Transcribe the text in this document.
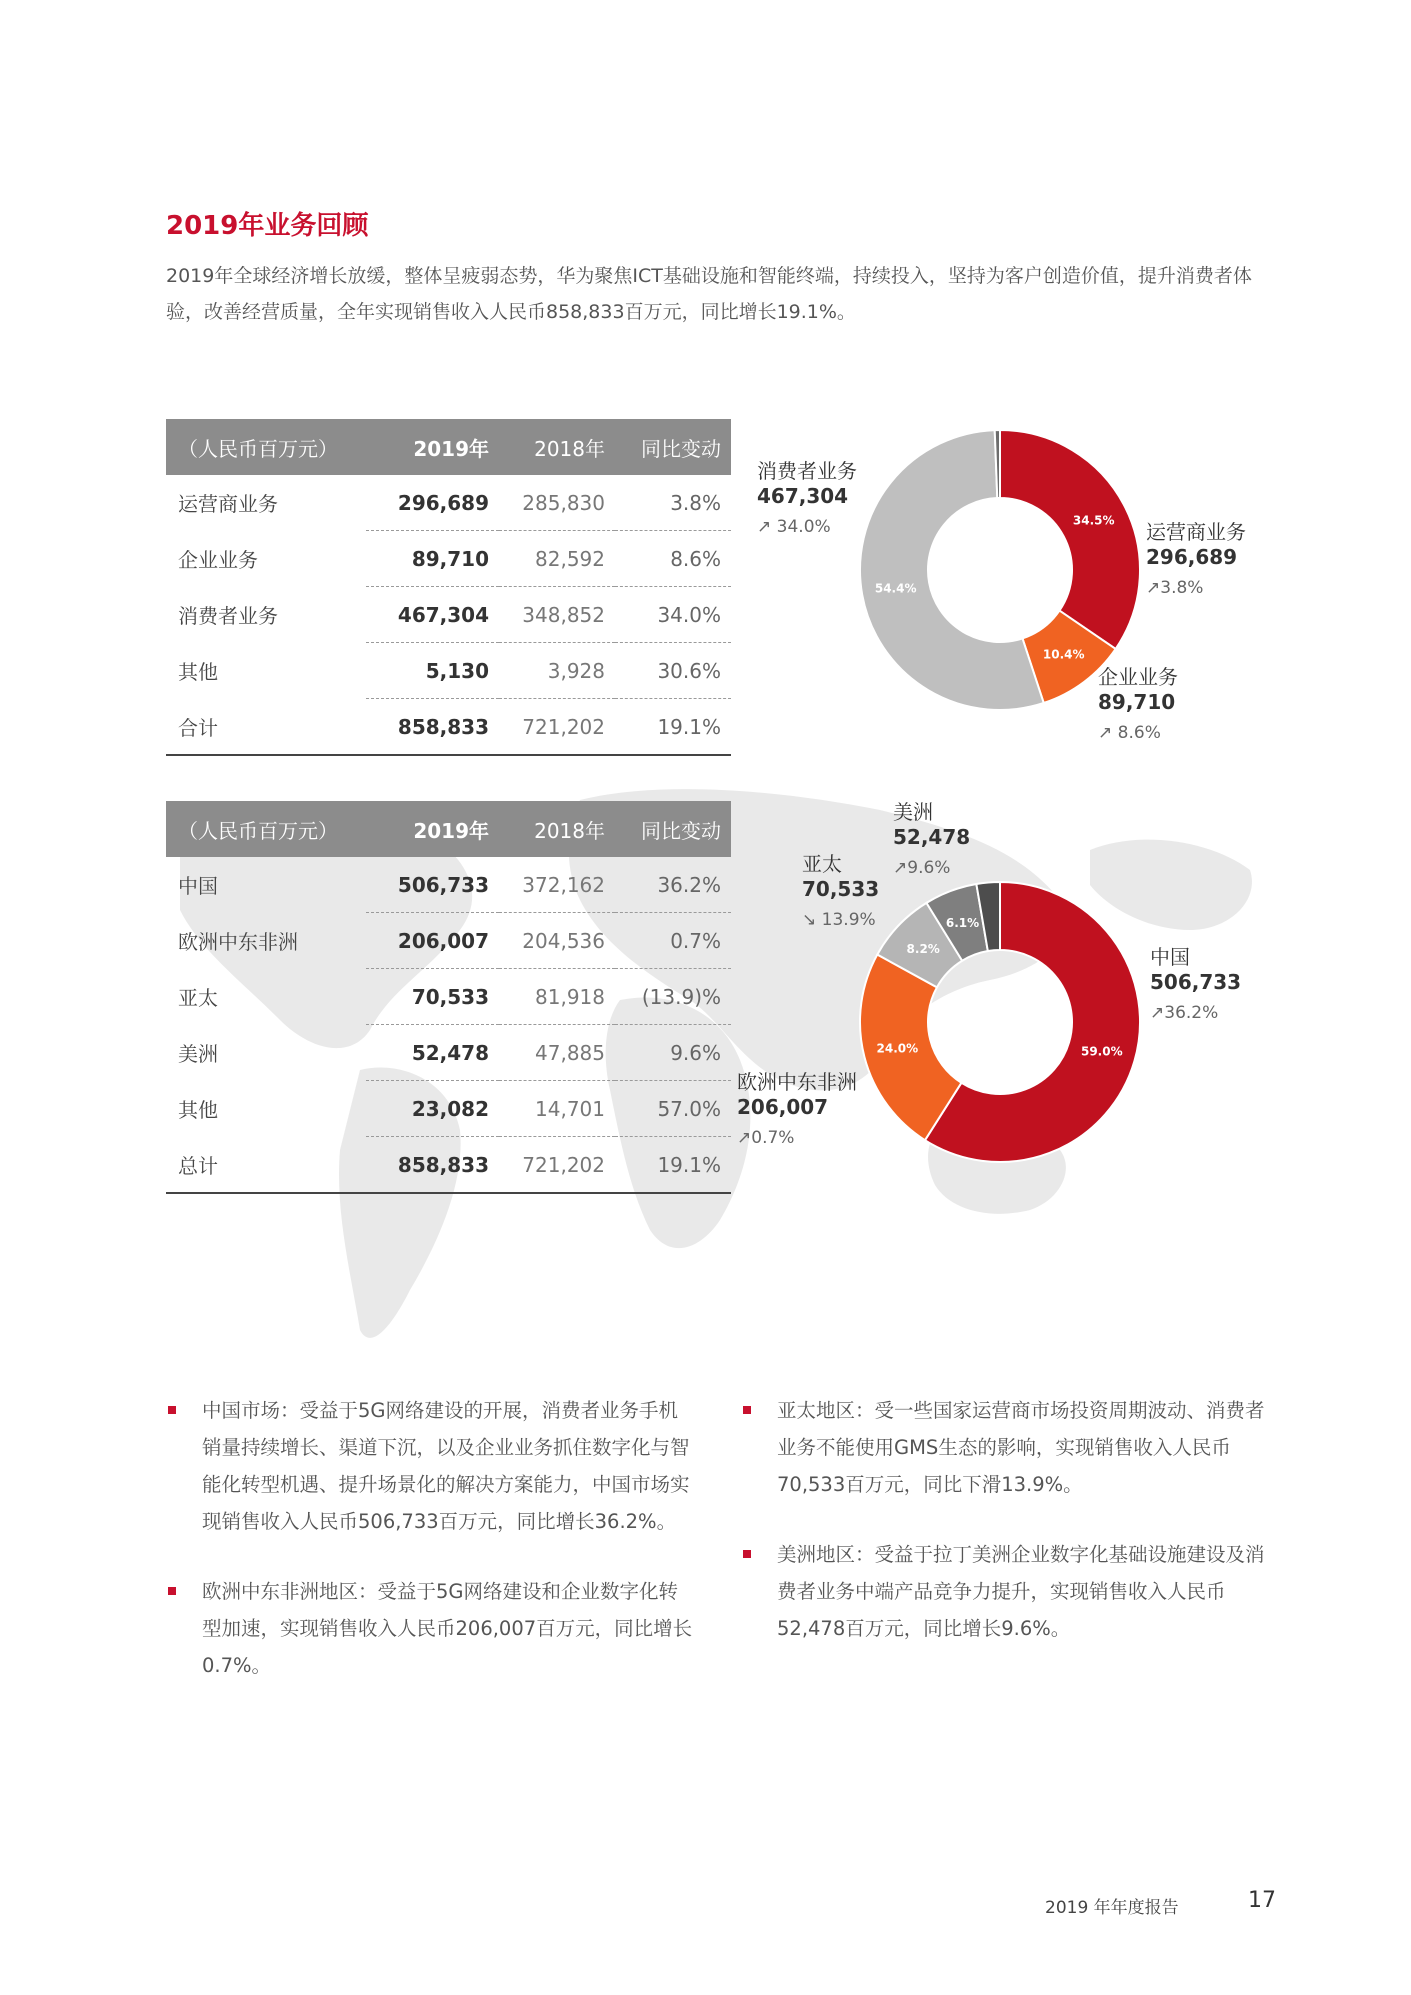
2019年业务回顾
2019年全球经济增长放缓，整体呈疲弱态势，华为聚焦ICT基础设施和智能终端，持续投入，坚持为客户创造价值，提升消费者体验，改善经营质量，全年实现销售收入人民币858,833百万元，同比增长19.1%。
（人民币百万元）	2019年	2018年	同比变动
运营商业务	296,689	285,830	3.8%
企业业务	89,710	82,592	8.6%
消费者业务	467,304	348,852	34.0%
其他	5,130	3,928	30.6%
合计	858,833	721,202	19.1%
（人民币百万元）	2019年	2018年	同比变动
中国	506,733	372,162	36.2%
欧洲中东非洲	206,007	204,536	0.7%
亚太	70,533	81,918	(13.9)%
美洲	52,478	47,885	9.6%
其他	23,082	14,701	57.0%
总计	858,833	721,202	19.1%
34.5%
10.4%
54.4%
消费者业务
467,304
↗ 34.0%	运营商业务
296,689
↗3.8%
企业业务
89,710
↗ 8.6%
59.0%
24.0%
8.2%
6.1%
美洲
52,478
↗9.6%
亚太
70,533
↘ 13.9%
中国
506,733
↗36.2%
欧洲中东非洲
206,007
↗0.7%
中国市场：受益于5G网络建设的开展，消费者业务手机销量持续增长、渠道下沉，以及企业业务抓住数字化与智能化转型机遇、提升场景化的解决方案能力，中国市场实现销售收入人民币506,733百万元，同比增长36.2%。
欧洲中东非洲地区：受益于5G网络建设和企业数字化转型加速，实现销售收入人民币206,007百万元，同比增长0.7%。
亚太地区：受一些国家运营商市场投资周期波动、消费者业务不能使用GMS生态的影响，实现销售收入人民币70,533百万元，同比下滑13.9%。
美洲地区：受益于拉丁美洲企业数字化基础设施建设及消费者业务中端产品竞争力提升，实现销售收入人民币52,478百万元，同比增长9.6%。
2019 年年度报告	17
